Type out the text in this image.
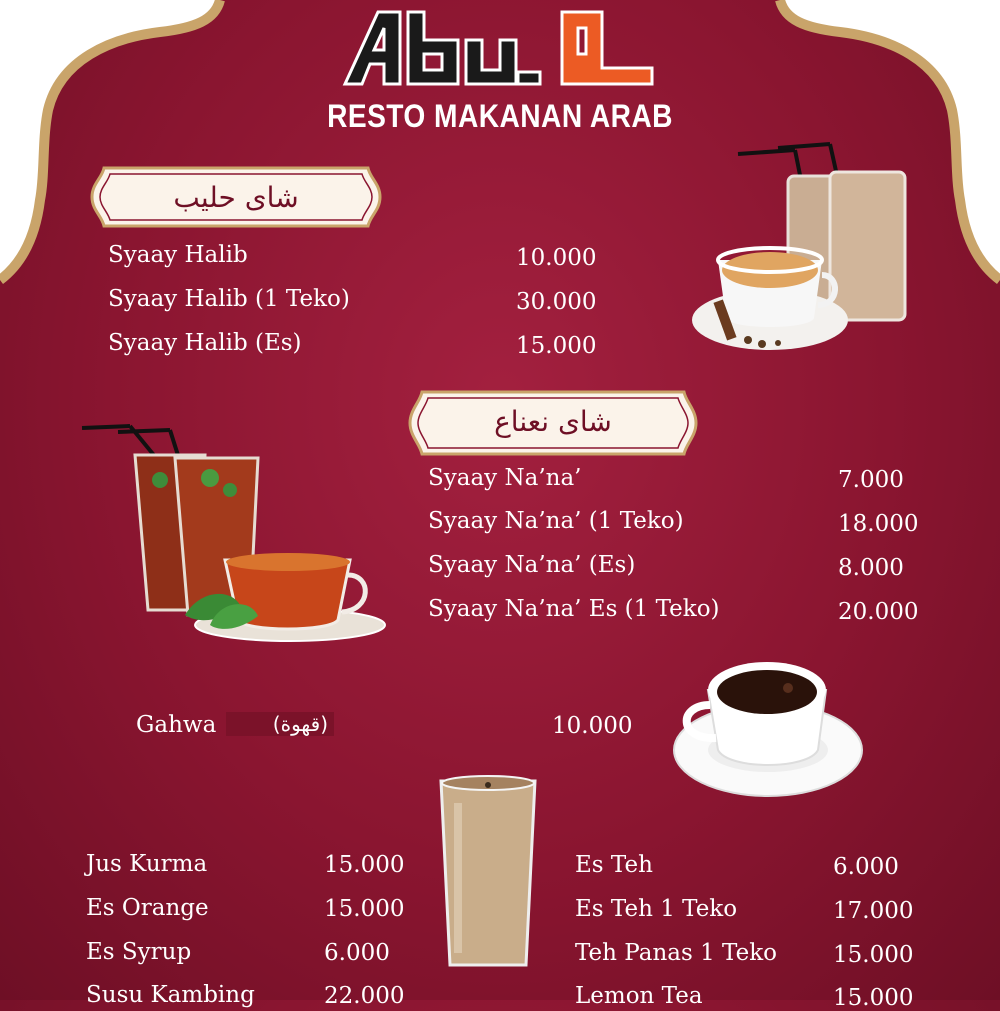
RESTO MAKANAN ARAB
شاى حليب
Syaay Halib	10.000
Syaay Halib (1 Teko)	30.000
Syaay Halib (Es)	15.000
شاى نعناع
Syaay Na’na’	7.000
Syaay Na’na’ (1 Teko)	18.000
Syaay Na’na’ (Es)	8.000
Syaay Na’na’ Es (1 Teko)	20.000
Gahwa	(قهوة)	10.000
Jus Kurma	15.000
Es Orange	15.000
Es Syrup	6.000
Susu Kambing	22.000
Es Teh	6.000
Es Teh 1 Teko	17.000
Teh Panas 1 Teko 15.000
Lemon Tea	15.000
